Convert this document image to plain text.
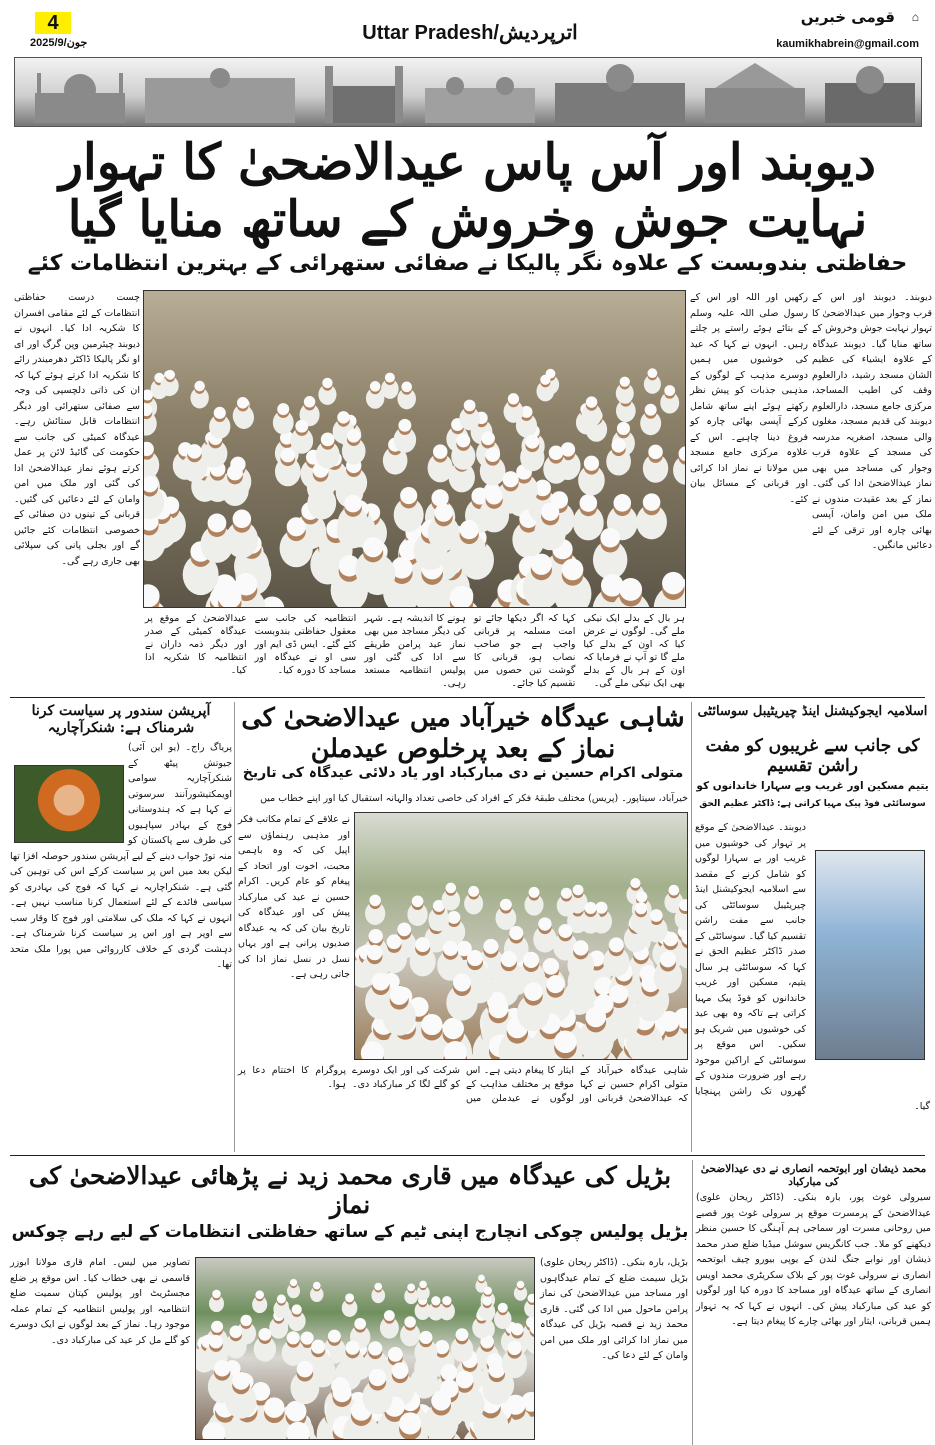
4
2025/جون/9	Uttar Pradesh/اترپردیش
⌂
قومی خبریں
kaumikhabrein@gmail.com
دیوبند اور آس پاس عیدالاضحیٰ کا تہوار نہایت جوش وخروش کے ساتھ منایا گیا
حفاظتی بندوبست کے علاوہ نگر پالیکا نے صفائی ستھرائی کے بہترین انتظامات کئے
چست درست حفاظتی انتظامات کے لئے مقامی افسران کا شکریہ ادا کیا۔ انہوں نے دیوبند چیئرمین وپن گرگ اور ای او نگر پالیکا ڈاکٹر دھرمیندر رائے کا شکریہ ادا کرتے ہوئے کہا کہ ان کی ذاتی دلچسپی کی وجہ سے صفائی ستھرائی اور دیگر انتظامات قابل ستائش رہے۔ عیدگاہ کمیٹی کی جانب سے حکومت کی گائیڈ لائن پر عمل کرتے ہوئے نماز عیدالاضحیٰ ادا کی گئی اور ملک میں امن وامان کے لئے دعائیں کی گئیں۔ قربانی کے تینوں دن صفائی کے خصوصی انتظامات کئے جائیں گے اور بجلی پانی کی سپلائی بھی جاری رہے گی۔
دیوبند۔ دیوبند اور اس کے قرب وجوار میں عیدالاضحیٰ کا تہوار نہایت جوش وخروش کے ساتھ منایا گیا۔ دیوبند عیدگاہ کے علاوہ ایشیاء کی عظیم الشان مسجد رشید، دارالعلوم وقف کی اطیب المساجد، مرکزی جامع مسجد، دارالعلوم دیوبند کی قدیم مسجد، مغلوں والی مسجد، اصغریہ مدرسہ کی مسجد کے علاوہ قرب وجوار کی مساجد میں بھی نماز عیدالاضحیٰ ادا کی گئی۔ نماز کے بعد عقیدت مندوں نے ملک میں امن وامان، آپسی بھائی چارہ اور ترقی کے لئے دعائیں مانگیں۔
رکھیں اور اللہ اور اس کے رسول صلی اللہ علیہ وسلم کے بتائے ہوئے راستے پر چلتے رہیں۔ انہوں نے کہا کہ عید کی خوشیوں میں ہمیں دوسرے مذہب کے لوگوں کے مذہبی جذبات کو پیش نظر رکھتے ہوئے اپنے ساتھ شامل کرکے آپسی بھائی چارہ کو فروغ دینا چاہیے۔ اس کے علاوہ مرکزی جامع مسجد میں مولانا نے نماز ادا کرائی اور قربانی کے مسائل بیان کئے۔
ہر بال کے بدلے ایک نیکی ملے گی۔ لوگوں نے عرض کیا کہ اون کے بدلے کیا ملے گا تو آپ نے فرمایا کہ اون کے ہر بال کے بدلے بھی ایک نیکی ملے گی۔
کہا کہ اگر دیکھا جائے تو امت مسلمہ پر قربانی واجب ہے جو صاحب نصاب ہو، قربانی کا گوشت تین حصوں میں تقسیم کیا جائے۔
ہونے کا اندیشہ ہے۔ شہر کی دیگر مساجد میں بھی نماز عید پرامن طریقے سے ادا کی گئی اور پولیس انتظامیہ مستعد رہی۔
انتظامیہ کی جانب سے معقول حفاظتی بندوبست کئے گئے۔ ایس ڈی ایم اور سی او نے عیدگاہ اور مساجد کا دورہ کیا۔
عیدالاضحیٰ کے موقع پر عیدگاہ کمیٹی کے صدر اور دیگر ذمہ داران نے انتظامیہ کا شکریہ ادا کیا۔
آپریشن سندور پر سیاست کرنا شرمناک ہے: شنکرآچاریہ
پریاگ راج۔ (یو این آئی) جیوتش پیٹھ کے شنکرآچاریہ سوامی اویمکتیشورآنند سرسوتی نے کہا ہے کہ ہندوستانی فوج کے بہادر سپاہیوں کی طرف سے پاکستان کو منہ توڑ جواب دینے کے لیے آپریشن سندور حوصلہ افزا تھا لیکن بعد میں اس پر سیاست کرکے اس کی توہین کی گئی ہے۔ شنکراچاریہ نے کہا کہ فوج کی بہادری کو سیاسی فائدے کے لئے استعمال کرنا مناسب نہیں ہے۔ انہوں نے کہا کہ ملک کی سلامتی اور فوج کا وقار سب سے اوپر ہے اور اس پر سیاست کرنا شرمناک ہے۔ دہشت گردی کے خلاف کارروائی میں پورا ملک متحد تھا۔
شاہی عیدگاہ خیرآباد میں عیدالاضحیٰ کی نماز کے بعد پرخلوص عیدملن
متولی اکرام حسین نے دی مبارکباد اور یاد دلائی عیدگاہ کی تاریخ
خیرآباد، سیتاپور۔ (پریس) مختلف طبقۂ فکر کے افراد کی خاصی تعداد والہانہ استقبال کیا اور اپنے خطاب میں
نے علاقے کے تمام مکاتب فکر اور مذہبی رہنماؤں سے اپیل کی کہ وہ باہمی محبت، اخوت اور اتحاد کے پیغام کو عام کریں۔ اکرام حسین نے عید کی مبارکباد پیش کی اور عیدگاہ کی تاریخ بیان کی کہ یہ عیدگاہ صدیوں پرانی ہے اور یہاں نسل در نسل نماز ادا کی جاتی رہی ہے۔
شاہی عیدگاہ خیرآباد کے متولی اکرام حسین نے کہا کہ عیدالاضحیٰ قربانی اور ایثار کا پیغام دیتی ہے۔ اس موقع پر مختلف مذاہب کے لوگوں نے عیدملن میں شرکت کی اور ایک دوسرے کو گلے لگا کر مبارکباد دی۔ پروگرام کا اختتام دعا پر ہوا۔
اسلامیہ ایجوکیشنل اینڈ چیریٹیبل سوسائٹی
کی جانب سے غریبوں کو مفت راشن تقسیم
یتیم مسکین اور غریب وبے سہارا خاندانوں کو
سوسائٹی فوڈ پیک مہیا کراتی ہے: ڈاکٹر عظیم الحق
دیوبند۔ عیدالاضحیٰ کے موقع پر تہوار کی خوشیوں میں غریب اور بے سہارا لوگوں کو شامل کرنے کے مقصد سے اسلامیہ ایجوکیشنل اینڈ چیریٹیبل سوسائٹی کی جانب سے مفت راشن تقسیم کیا گیا۔ سوسائٹی کے صدر ڈاکٹر عظیم الحق نے کہا کہ سوسائٹی ہر سال یتیم، مسکین اور غریب خاندانوں کو فوڈ پیک مہیا کراتی ہے تاکہ وہ بھی عید کی خوشیوں میں شریک ہو سکیں۔ اس موقع پر سوسائٹی کے اراکین موجود رہے اور ضرورت مندوں کے گھروں تک راشن پہنچایا گیا۔
بڑیل کی عیدگاہ میں قاری محمد زید نے پڑھائی عیدالاضحیٰ کی نماز
بڑیل پولیس چوکی انچارج اپنی ٹیم کے ساتھ حفاظتی انتظامات کے لیے رہے چوکس
بڑیل، بارہ بنکی۔ (ڈاکٹر ریحان علوی) بڑیل سیمت ضلع کے تمام عیدگاہوں اور مساجد میں عیدالاضحیٰ کی نماز پرامن ماحول میں ادا کی گئی۔ قاری محمد زید نے قصبہ بڑیل کی عیدگاہ میں نماز ادا کرائی اور ملک میں امن وامان کے لئے دعا کی۔
تصاویر میں لیس۔ امام قاری مولانا ابوزر قاسمی نے بھی خطاب کیا۔ اس موقع پر ضلع مجسٹریٹ اور پولیس کپتان سمیت ضلع انتظامیہ اور پولیس انتظامیہ کے تمام عملہ موجود رہا۔ نماز کے بعد لوگوں نے ایک دوسرے کو گلے مل کر عید کی مبارکباد دی۔
محمد ذیشان اور ابوتحمہ انصاری نے دی عیدالاضحیٰ کی مبارکباد
سیرولی غوث پور، بارہ بنکی۔ (ڈاکٹر ریحان علوی) عیدالاضحیٰ کے پرمسرت موقع پر سرولی غوث پور قصبے میں روحانی مسرت اور سماجی ہم آہنگی کا حسین منظر دیکھنے کو ملا۔ جب کانگریس سوشل میڈیا ضلع صدر محمد ذیشان اور نوابے جنگ لندن کے یوپی بیورو چیف ابوتحمہ انصاری نے سرولی غوث پور کے بلاک سکریٹری محمد اویس انصاری کے ساتھ عیدگاہ اور مساجد کا دورہ کیا اور لوگوں کو عید کی مبارکباد پیش کی۔ انہوں نے کہا کہ یہ تہوار ہمیں قربانی، ایثار اور بھائی چارے کا پیغام دیتا ہے۔
